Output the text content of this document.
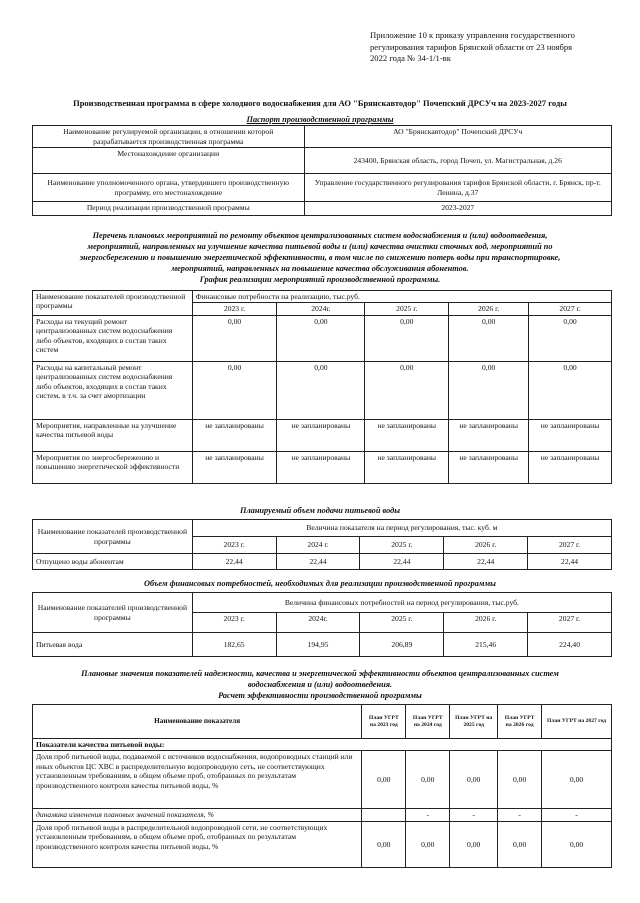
Приложение 10 к приказу управления государственного
регулирования тарифов Брянской области от 23 ноября
2022 года № 34-1/1-вк
Производственная программа в сфере холодного водоснабжения для АО "Брянскавтодор" Почепский ДРСУч на 2023-2027 годы
Паспорт производственной программы
Наименование регулируемой организации, в отношении которой разрабатывается производственная программа	АО "Брянскавтодор" Почепский ДРСУч
Местонахождение организации	243400, Брянская область, город Почеп, ул. Магистральная, д.26
Наименование уполномоченного органа, утвердившего производственную программу, его местонахождение	Управление государственного регулирования тарифов Брянской области, г. Брянск, пр-т. Ленина, д.37
Период реализации производственной программы	2023-2027
Перечень плановых мероприятий по ремонту объектов централизованных систем водоснабжения и (или) водоотведения,
мероприятий, направленных на улучшение качества питьевой воды и (или) качества очистки сточных вод, мероприятий по
энергосбережению и повышению энергетической эффективности, в том числе по снижению потерь воды при транспортировке,
мероприятий, направленных на повышение качества обслуживания абонентов.
График реализации мероприятий производственной программы.
Наименование показателей производственной программы	Финансовые потребности на реализацию, тыс.руб.				
	2023 г.	2024г.	2025 г.	2026 г.	2027 г.
Расходы на текущий ремонт централизованных систем водоснабжения либо объектов, входящих в состав таких систем	0,00	0,00	0,00	0,00	0,00
Расходы на капитальный ремонт централизованных систем водоснабжения либо объектов, входящих в состав таких систем, в т.ч. за счет амортизации	0,00	0,00	0,00	0,00	0,00
Мероприятия, направленные на улучшение качества питьевой воды	не запланированы	не запланированы	не запланированы	не запланированы	не запланированы
Мероприятия по энергосбережению и повышению энергетической эффективности	не запланированы	не запланированы	не запланированы	не запланированы	не запланированы
Планируемый объем подачи питьевой воды
Наименование показателей производственной программы	Величина показателя на период регулирования, тыс. куб. м				
	2023 г.	2024 г.	2025 г.	2026 г.	2027 г.
Отпущено воды абонентам	22,44	22,44	22,44	22,44	22,44
Объем финансовых потребностей, необходимых для реализации производственной программы
Наименование показателей производственной программы	Величина финансовых потребностей на период регулирования, тыс.руб.				
	2023 г.	2024г.	2025 г.	2026 г.	2027 г.
Питьевая вода	182,65	194,95	206,89	215,46	224,40
Плановые значения показателей надежности, качества и энергетической эффективности объектов централизованных систем
водоснабжения и (или) водоотведения.
Расчет эффективности производственной программы
Наименование показателя	План УГРТ на 2023 год	План УГРТ на 2024 год	План УГРТ на 2025 год	План УГРТ на 2026 год	План УГРТ на 2027 год
Показатели качества питьевой воды:					
Доля проб питьевой воды, подаваемой с источников водоснабжения, водопроводных станций или иных объектов ЦС ХВС в распределительную водопроводную сеть, не соответствующих установленным требованиям, в общем объеме проб, отобранных по результатам производственного контроля качества питьевой воды, %	0,00	0,00	0,00	0,00	0,00
динамика изменения плановых значений показателя, %		-	-	-	-
Доля проб питьевой воды в распределительной водопроводной сети, не соответствующих установленным требованиям, в общем объеме проб, отобранных по результатам производственного контроля качества питьевой воды, %	0,00	0,00	0,00	0,00	0,00
